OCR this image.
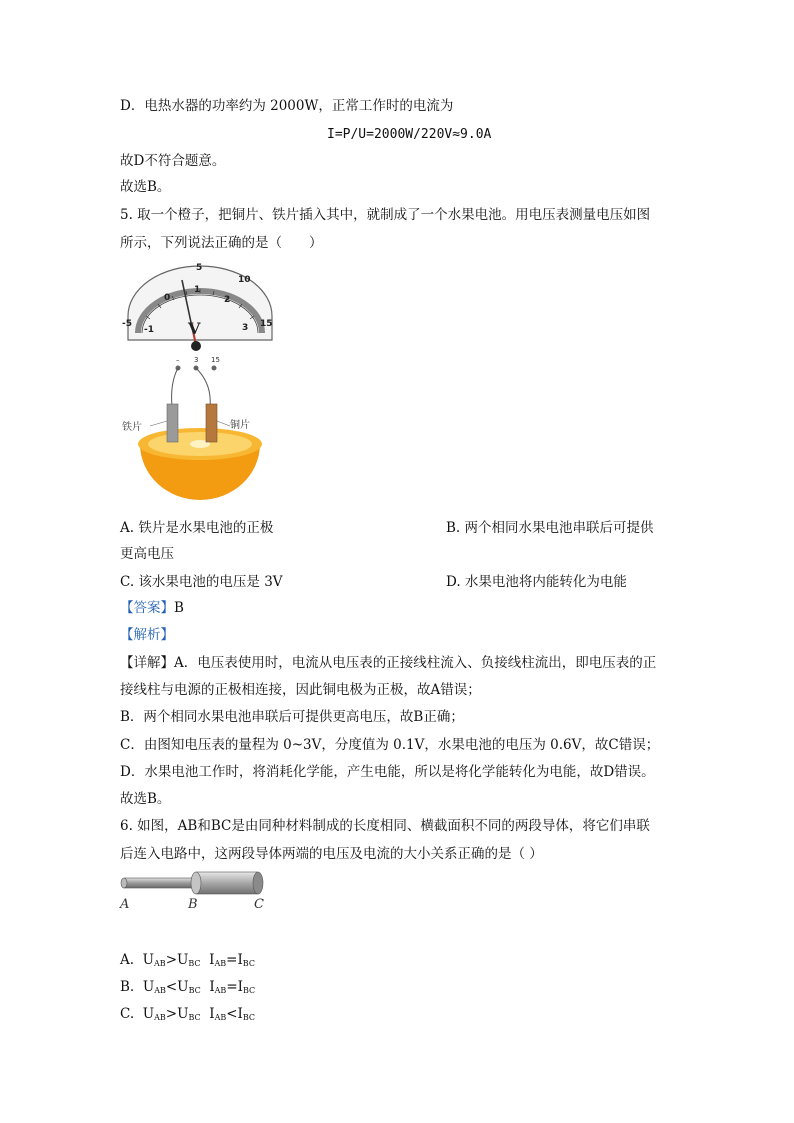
D．电热水器的功率约为 2000W，正常工作时的电流为
I=P/U=2000W/220V≈9.0A
故D不符合题意。
故选B。
5. 取一个橙子，把铜片、铁片插入其中，就制成了一个水果电池。用电压表测量电压如图
所示，下列说法正确的是（　　）
5
10
15
-5
0
1
2
3
-1 V
– 3 15
铁片	铜片
A. 铁片是水果电池的正极	B. 两个相同水果电池串联后可提供
更高电压
C. 该水果电池的电压是 3V	D. 水果电池将内能转化为电能
【答案】B
【解析】
【详解】A．电压表使用时，电流从电压表的正接线柱流入、负接线柱流出，即电压表的正
接线柱与电源的正极相连接，因此铜电极为正极，故A错误；
B．两个相同水果电池串联后可提供更高电压，故B正确；
C．由图知电压表的量程为 0~3V，分度值为 0.1V，水果电池的电压为 0.6V，故C错误；
D．水果电池工作时，将消耗化学能，产生电能，所以是将化学能转化为电能，故D错误。
故选B。
6. 如图，AB和BC是由同种材料制成的长度相同、横截面积不同的两段导体，将它们串联
后连入电路中，这两段导体两端的电压及电流的大小关系正确的是（ ）
A	B	C
A. $U_{AB}>U_{BC}$ $I_{AB}=I_{BC}$
B. $U_{AB}<U_{BC}$ $I_{AB}=I_{BC}$
C. $U_{AB}>U_{BC}$ $I_{AB}<I_{BC}$
